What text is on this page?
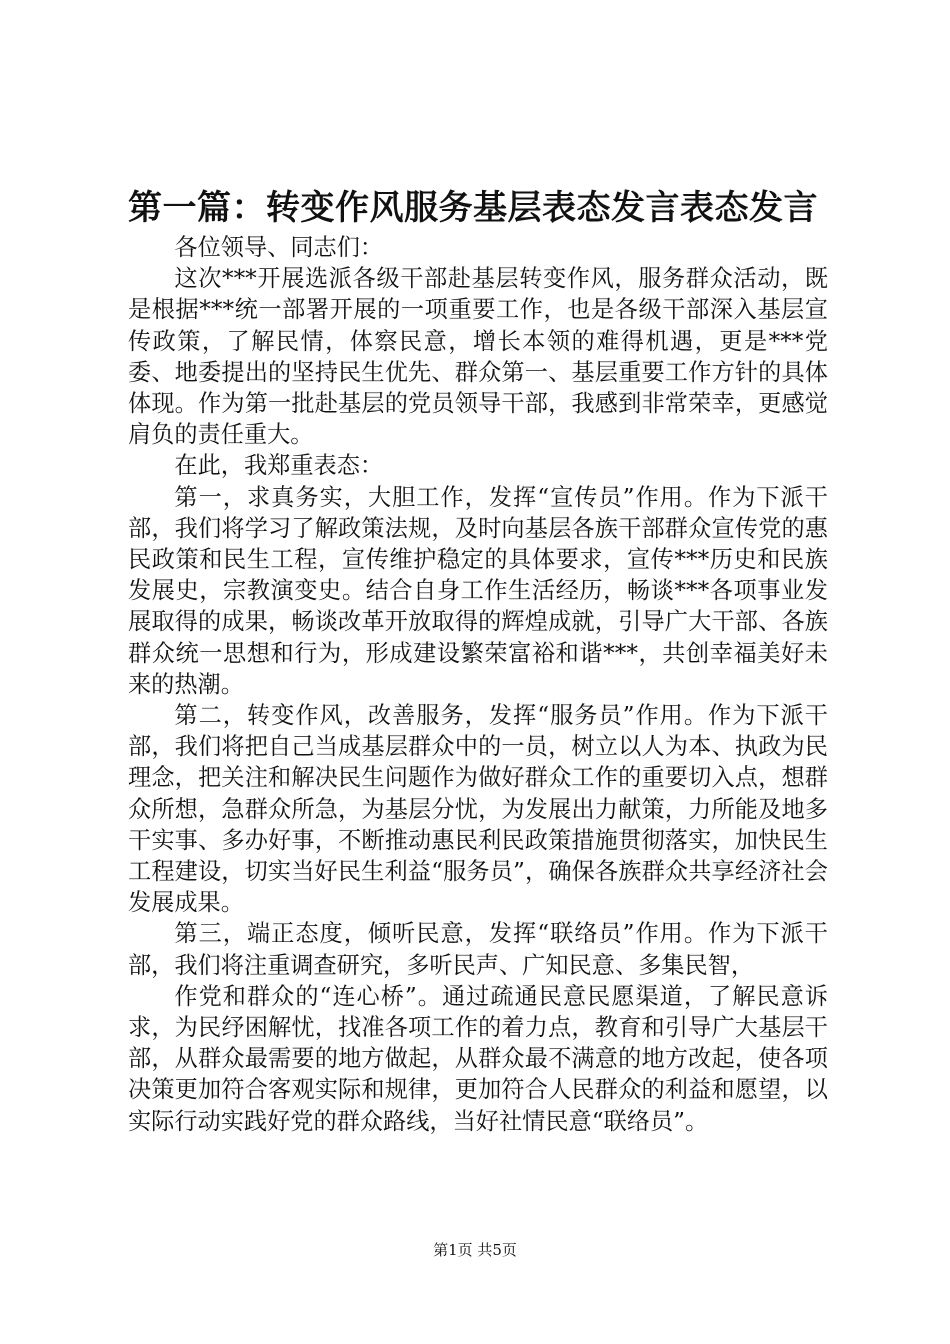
第一篇：转变作风服务基层表态发言表态发言

各位领导、同志们：

这次***开展选派各级干部赴基层转变作风，服务群众活动，既是根据***统一部署开展的一项重要工作，也是各级干部深入基层宣传政策，了解民情，体察民意，增长本领的难得机遇，更是***党委、地委提出的坚持民生优先、群众第一、基层重要工作方针的具体体现。作为第一批赴基层的党员领导干部，我感到非常荣幸，更感觉肩负的责任重大。

在此，我郑重表态：

第一，求真务实，大胆工作，发挥“宣传员”作用。作为下派干部，我们将学习了解政策法规，及时向基层各族干部群众宣传党的惠民政策和民生工程，宣传维护稳定的具体要求，宣传***历史和民族发展史，宗教演变史。结合自身工作生活经历，畅谈***各项事业发展取得的成果，畅谈改革开放取得的辉煌成就，引导广大干部、各族群众统一思想和行为，形成建设繁荣富裕和谐***，共创幸福美好未来的热潮。

第二，转变作风，改善服务，发挥“服务员”作用。作为下派干部，我们将把自己当成基层群众中的一员，树立以人为本、执政为民理念，把关注和解决民生问题作为做好群众工作的重要切入点，想群众所想，急群众所急，为基层分忧，为发展出力献策，力所能及地多干实事、多办好事，不断推动惠民利民政策措施贯彻落实，加快民生工程建设，切实当好民生利益“服务员”，确保各族群众共享经济社会发展成果。

第三，端正态度，倾听民意，发挥“联络员”作用。作为下派干部，我们将注重调查研究，多听民声、广知民意、多集民智，

作党和群众的“连心桥”。通过疏通民意民愿渠道，了解民意诉求，为民纾困解忧，找准各项工作的着力点，教育和引导广大基层干部，从群众最需要的地方做起，从群众最不满意的地方改起，使各项决策更加符合客观实际和规律，更加符合人民群众的利益和愿望，以实际行动实践好党的群众路线，当好社情民意“联络员”。

第1页 共5页
